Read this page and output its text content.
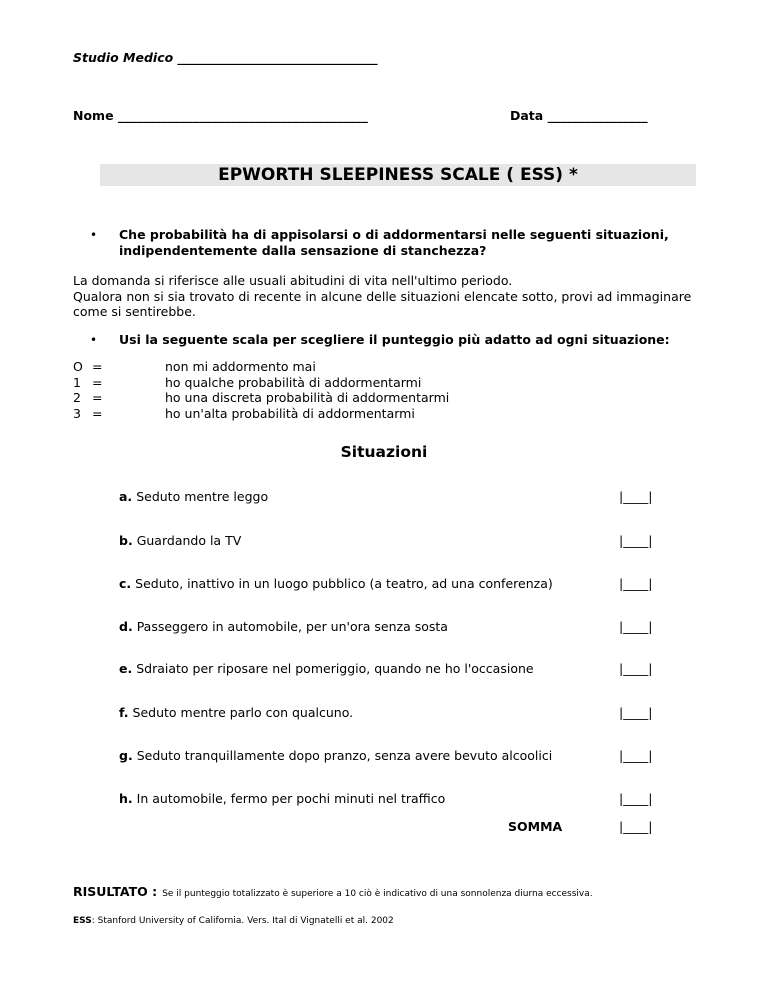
Studio Medico ________________________________
Nome ________________________________________	Data ________________
EPWORTH SLEEPINESS SCALE ( ESS) *
• Che probabilità ha di appisolarsi o di addormentarsi nelle seguenti situazioni, indipendentemente dalla sensazione di stanchezza?
La domanda si riferisce alle usuali abitudini di vita nell'ultimo periodo.
Qualora non si sia trovato di recente in alcune delle situazioni elencate sotto, provi ad immaginare come si sentirebbe.
• Usi la seguente scala per scegliere il punteggio più adatto ad ogni situazione:
O =	non mi addormento mai
1 =	ho qualche probabilità di addormentarmi
2 =	ho una discreta probabilità di addormentarmi
3 =	ho un'alta probabilità di addormentarmi
Situazioni
a. Seduto mentre leggo	|____|
b. Guardando la TV	|____|
c. Seduto, inattivo in un luogo pubblico (a teatro, ad una conferenza)	|____|
d. Passeggero in automobile, per un'ora senza sosta	|____|
e. Sdraiato per riposare nel pomeriggio, quando ne ho l'occasione	|____|
f. Seduto mentre parlo con qualcuno.	|____|
g. Seduto tranquillamente dopo pranzo, senza avere bevuto alcoolici	|____|
h. In automobile, fermo per pochi minuti nel traffico	|____|
SOMMA	|____|
RISULTATO : Se il punteggio totalizzato è superiore a 10 ciò è indicativo di una sonnolenza diurna eccessiva.
ESS: Stanford University of California. Vers. Ital di Vignatelli et al. 2002
